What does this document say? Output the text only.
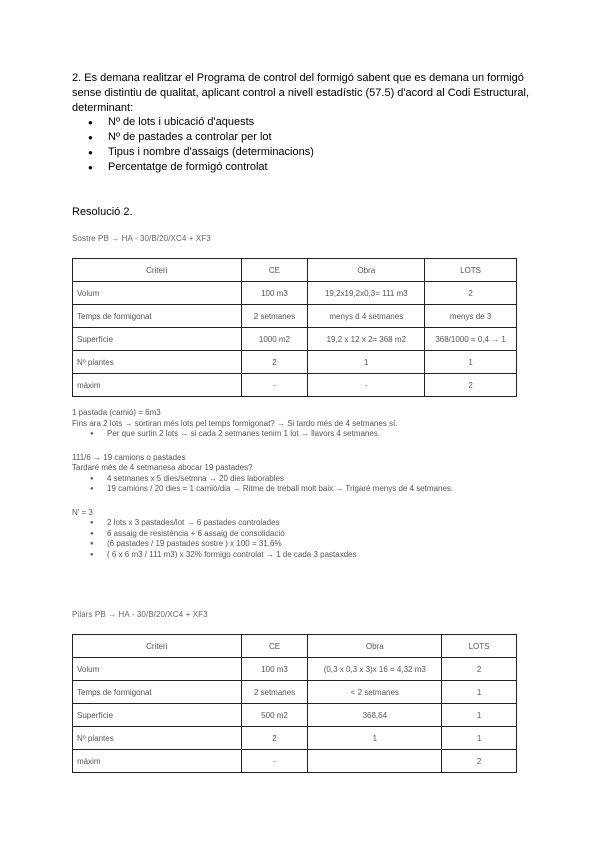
2. Es demana realitzar el Programa de control del formigó sabent que es demana un formigó sense distintiu de qualitat, aplicant control a nivell estadístic (57.5) d'acord al Codi Estructural, determinant:
● Nº de lots i ubicació d'aquests
● Nº de pastades a controlar per lot
● Tipus i nombre d'assaigs (determinacions)
● Percentatge de formigó controlat
Resolució 2.
Sostre PB → HA - 30/B/20/XC4 + XF3
Criteri	CE	Obra	LOTS
Volum	100 m3	19,2x19,2x0,3= 111 m3	2
Temps de formigonat	2 setmanes	menys d 4 setmanes	menys de 3
Superfície	1000 m2	19,2 x 12 x 2= 368 m2	368/1000 = 0,4 → 1
Nº plantes	2	1	1
màxim	-	-	2
1 pastada (camió) = 6m3
Fins ara 2 lots → sortiran més lots pel temps formigonat? → Si tardo més de 4 setmanes sí.
● Per que surtin 2 lots → si cada 2 setmanes tenim 1 lot → llavors 4 setmanes.
111/6 → 19 camions o pastades
Tardaré més de 4 setmanesa abocar 19 pastades?
● 4 setmanes x 5 dies/setmna → 20 dies laborables
● 19 camions / 20 dies = 1 camió/dia → Ritme de treball molt baix → Trigaré menys de 4 setmanes.
N' = 3
● 2 lots x 3 pastades/lot → 6 pastades controlades
● 6 assaig de resistència + 6 assaig de consolidació
● (6 pastades / 19 pastades sostre ) x 100 = 31,6%
● ( 6 x 6 m3 / 111 m3) x 32% formigo controlat → 1 de cada 3 pastaxdes
Pilars PB → HA - 30/B/20/XC4 + XF3
Criteri	CE	Obra	LOTS
Volum	100 m3	(0,3 x 0,3 x 3)x 16 = 4,32 m3	2
Temps de formigonat	2 setmanes	< 2 setmanes	1
Superfície	500 m2	368,64	1
Nº plantes	2	1	1
màxim	-		2
